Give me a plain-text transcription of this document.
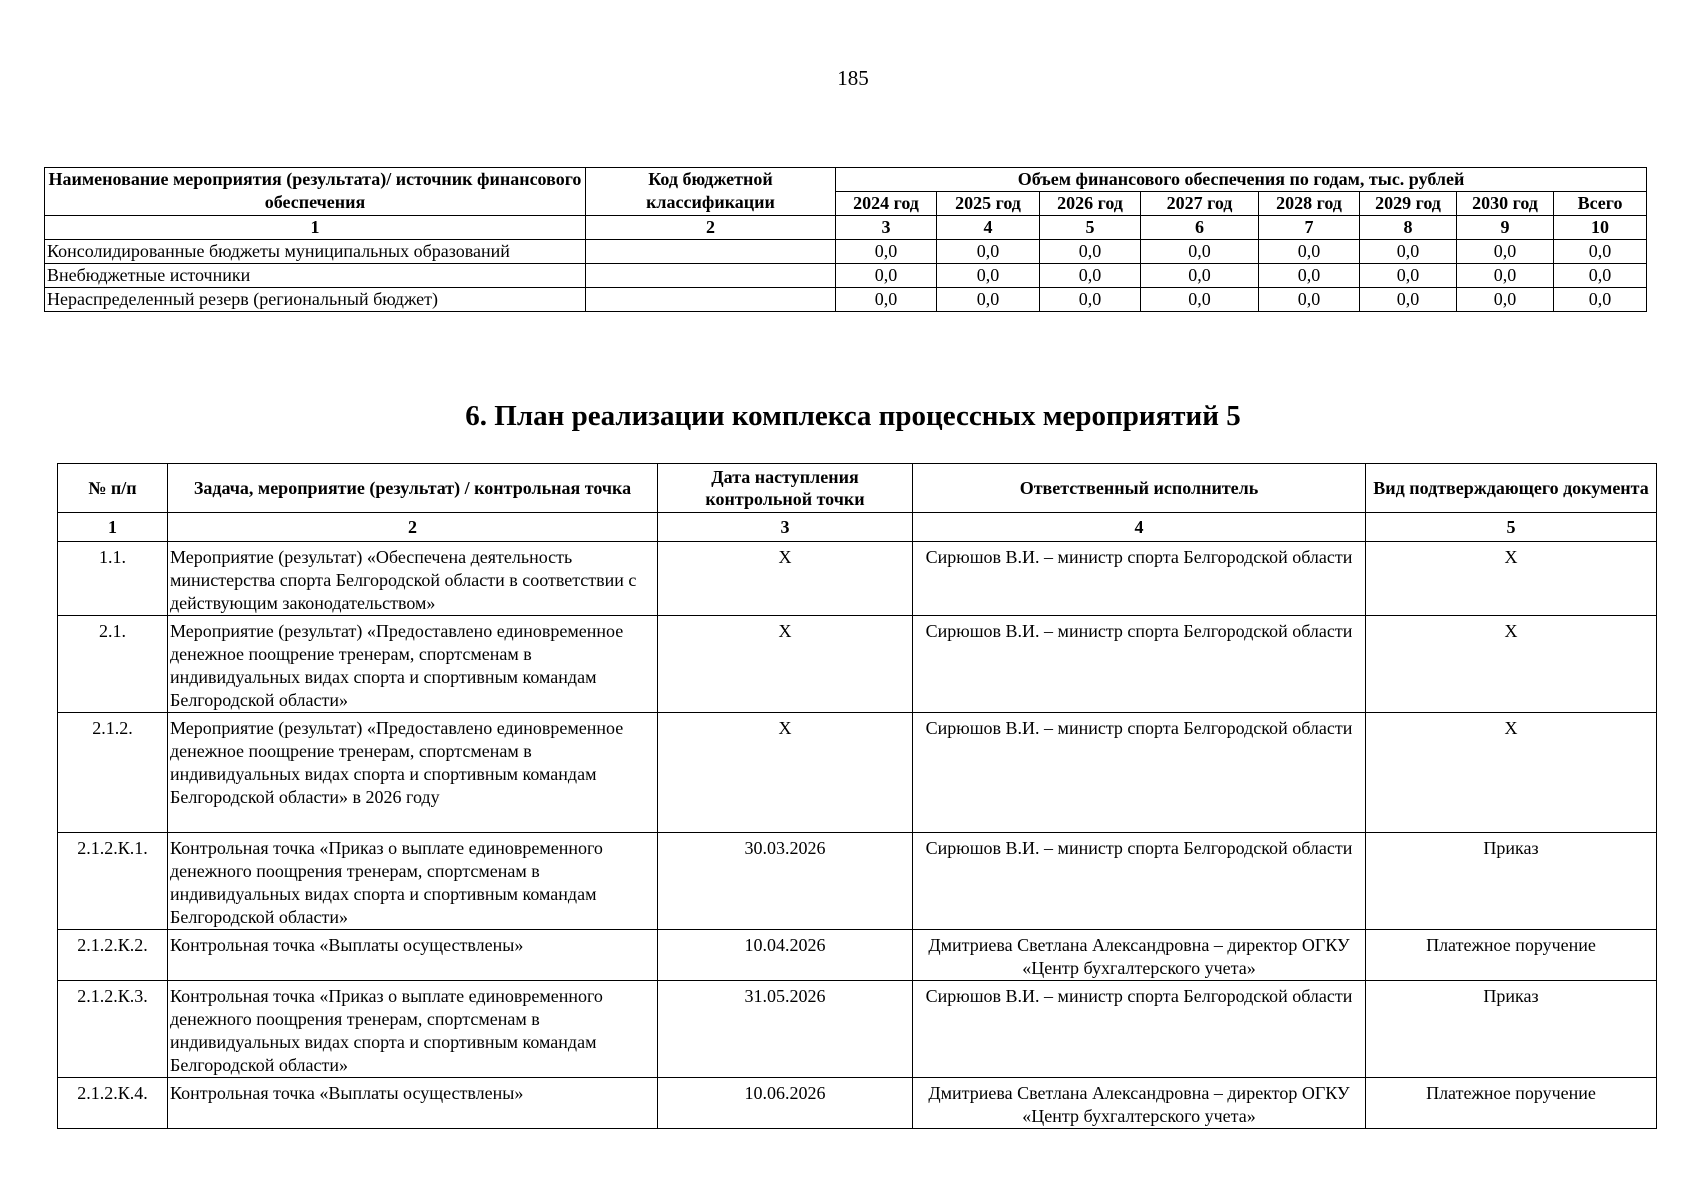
185
Наименование мероприятия (результата)/ источник финансового обеспечения	Код бюджетной классификации	Объем финансового обеспечения по годам, тыс. рублей							
		2024 год	2025 год	2026 год	2027 год	2028 год	2029 год	2030 год	Всего
1	2	3	4	5	6	7	8	9	10
Консолидированные бюджеты муниципальных образований		0,0	0,0	0,0	0,0	0,0	0,0	0,0	0,0
Внебюджетные источники		0,0	0,0	0,0	0,0	0,0	0,0	0,0	0,0
Нераспределенный резерв (региональный бюджет)		0,0	0,0	0,0	0,0	0,0	0,0	0,0	0,0
6. План реализации комплекса процессных мероприятий 5
№ п/п	Задача, мероприятие (результат) / контрольная точка	Дата наступления контрольной точки	Ответственный исполнитель	Вид подтверждающего документа
1	2	3	4	5
1.1.	Мероприятие (результат) «Обеспечена деятельность министерства спорта Белгородской области в соответствии с действующим законодательством»	X	Сирюшов В.И. – министр спорта Белгородской области	X
2.1.	Мероприятие (результат) «Предоставлено единовременное денежное поощрение тренерам, спортсменам в индивидуальных видах спорта и спортивным командам Белгородской области»	X	Сирюшов В.И. – министр спорта Белгородской области	X
2.1.2.	Мероприятие (результат) «Предоставлено единовременное денежное поощрение тренерам, спортсменам в индивидуальных видах спорта и спортивным командам Белгородской области» в 2026 году	X	Сирюшов В.И. – министр спорта Белгородской области	X
2.1.2.К.1.	Контрольная точка «Приказ о выплате единовременного денежного поощрения тренерам, спортсменам в индивидуальных видах спорта и спортивным командам Белгородской области»	30.03.2026	Сирюшов В.И. – министр спорта Белгородской области	Приказ
2.1.2.К.2.	Контрольная точка «Выплаты осуществлены»	10.04.2026	Дмитриева Светлана Александровна – директор ОГКУ «Центр бухгалтерского учета»	Платежное поручение
2.1.2.К.3.	Контрольная точка «Приказ о выплате единовременного денежного поощрения тренерам, спортсменам в индивидуальных видах спорта и спортивным командам Белгородской области»	31.05.2026	Сирюшов В.И. – министр спорта Белгородской области	Приказ
2.1.2.К.4.	Контрольная точка «Выплаты осуществлены»	10.06.2026	Дмитриева Светлана Александровна – директор ОГКУ «Центр бухгалтерского учета»	Платежное поручение
